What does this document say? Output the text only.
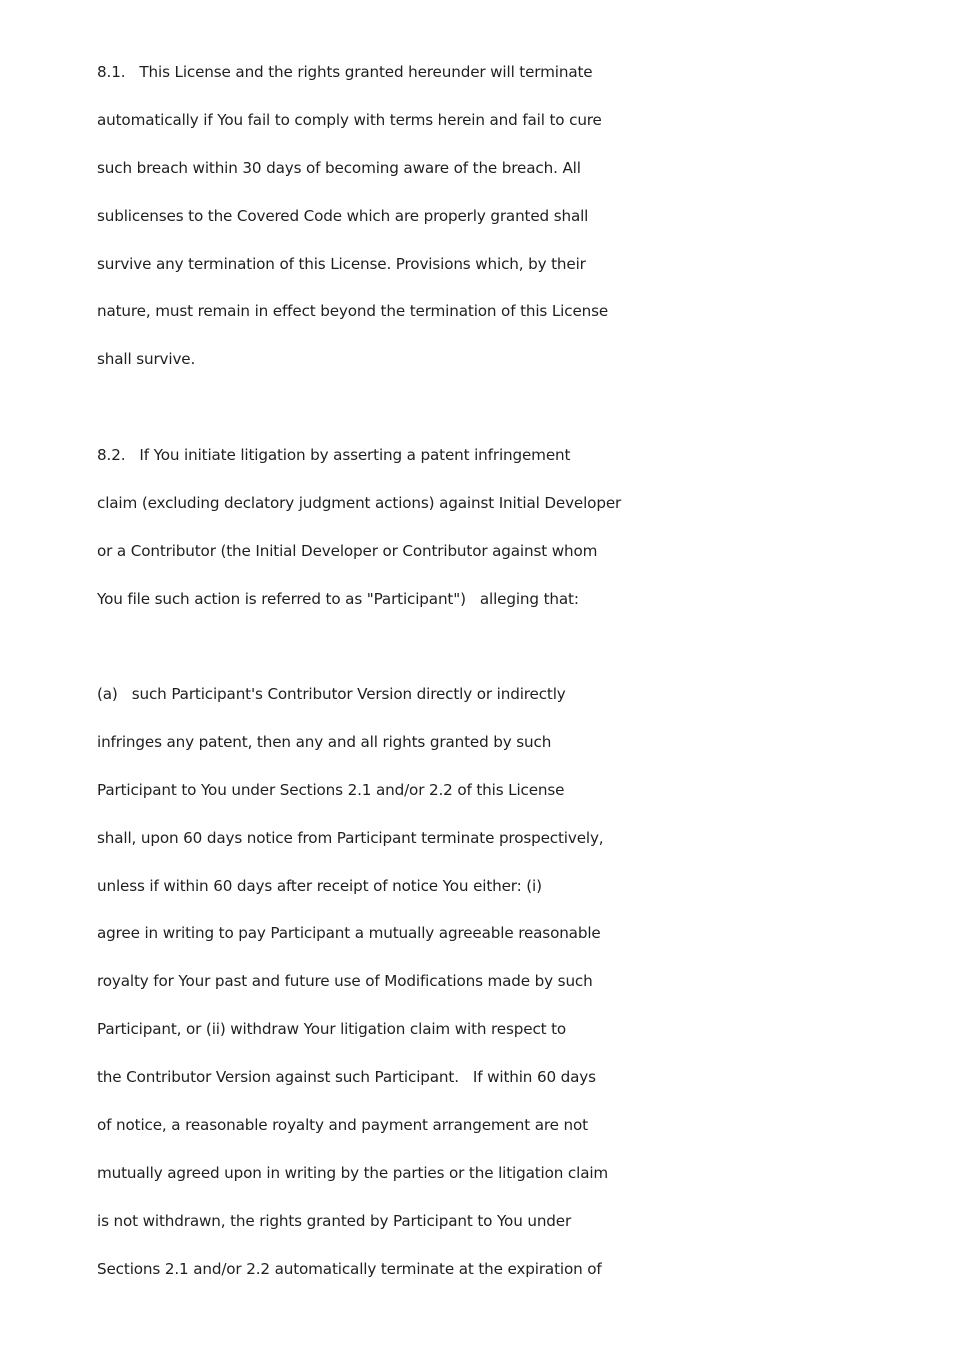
8.1.   This License and the rights granted hereunder will terminate
automatically if You fail to comply with terms herein and fail to cure
such breach within 30 days of becoming aware of the breach. All
sublicenses to the Covered Code which are properly granted shall
survive any termination of this License. Provisions which, by their
nature, must remain in effect beyond the termination of this License
shall survive.
8.2.   If You initiate litigation by asserting a patent infringement
claim (excluding declatory judgment actions) against Initial Developer
or a Contributor (the Initial Developer or Contributor against whom
You file such action is referred to as "Participant")   alleging that:
(a)   such Participant's Contributor Version directly or indirectly
infringes any patent, then any and all rights granted by such
Participant to You under Sections 2.1 and/or 2.2 of this License
shall, upon 60 days notice from Participant terminate prospectively,
unless if within 60 days after receipt of notice You either: (i)
agree in writing to pay Participant a mutually agreeable reasonable
royalty for Your past and future use of Modifications made by such
Participant, or (ii) withdraw Your litigation claim with respect to
the Contributor Version against such Participant.   If within 60 days
of notice, a reasonable royalty and payment arrangement are not
mutually agreed upon in writing by the parties or the litigation claim
is not withdrawn, the rights granted by Participant to You under
Sections 2.1 and/or 2.2 automatically terminate at the expiration of
